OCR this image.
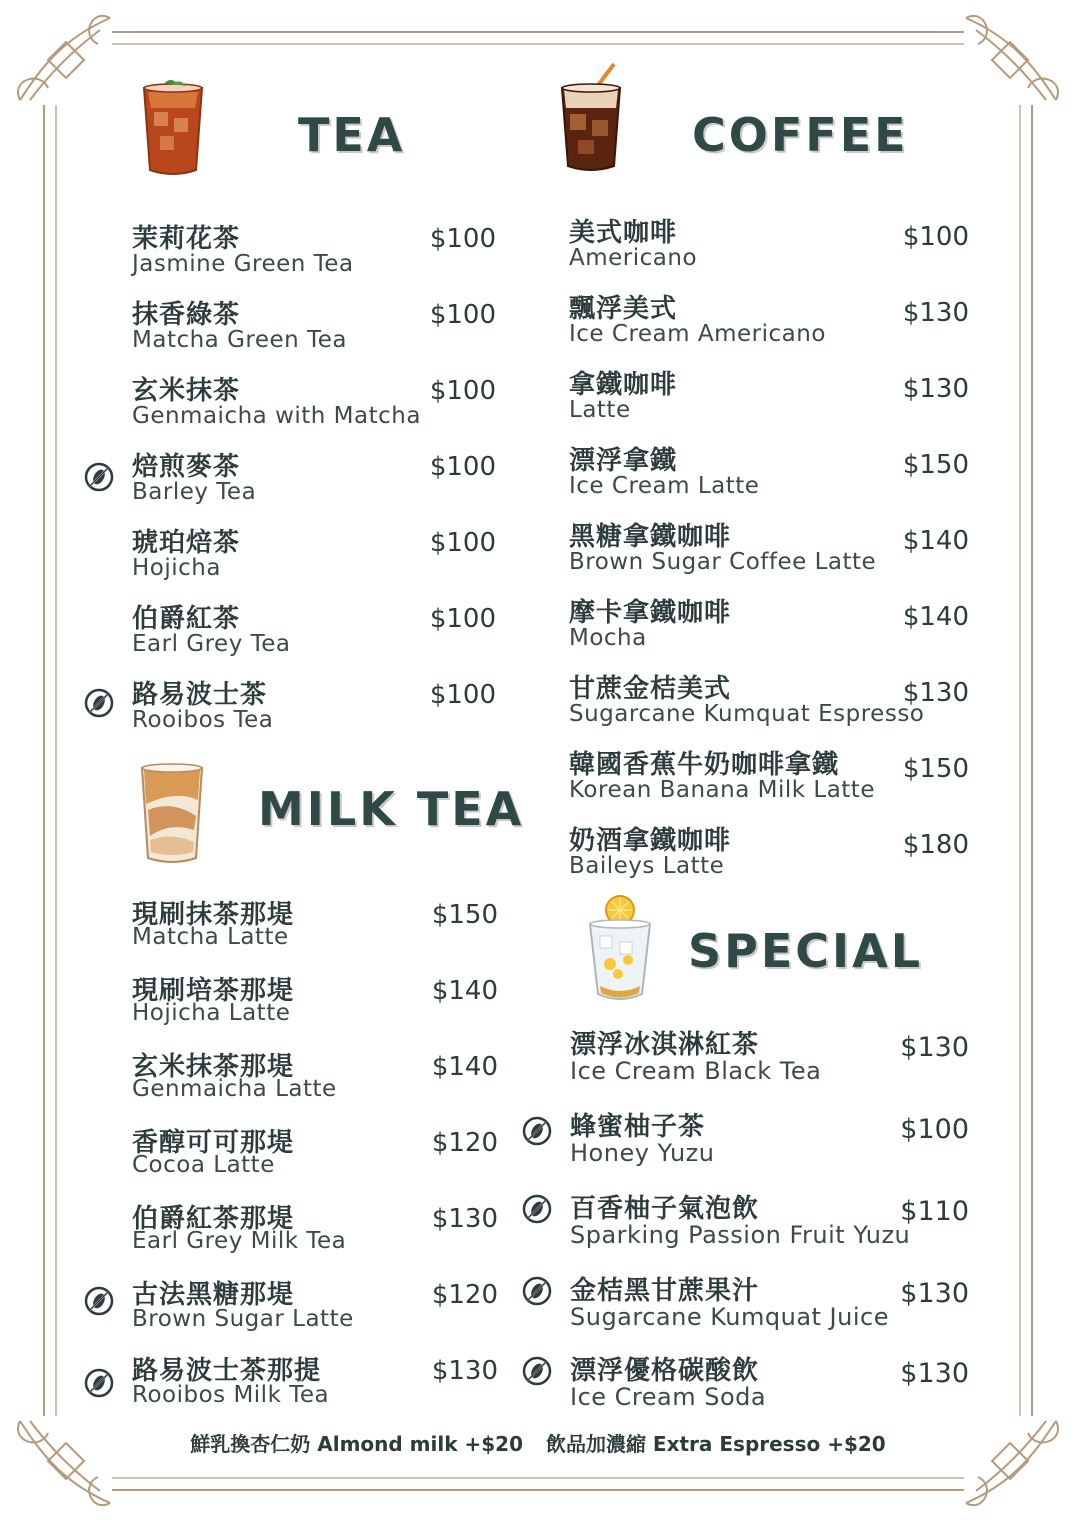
TEA	COFFEE
MILK TEA
SPECIAL
茉莉花茶
Jasmine Green Tea
$100
抹香綠茶
Matcha Green Tea
$100
玄米抹茶
Genmaicha with Matcha
$100
焙煎麥茶
Barley Tea
$100
琥珀焙茶
Hojicha
$100
伯爵紅茶
Earl Grey Tea
$100
路易波士茶
Rooibos Tea
$100
現刷抹茶那堤
Matcha Latte
$150
現刷培茶那堤
Hojicha Latte
$140
玄米抹茶那堤
Genmaicha Latte
$140
香醇可可那堤
Cocoa Latte
$120
伯爵紅茶那堤
Earl Grey Milk Tea
$130
古法黑糖那堤
Brown Sugar Latte
$120
路易波士茶那提
Rooibos Milk Tea
$130
美式咖啡
Americano
$100
飄浮美式
Ice Cream Americano
$130
拿鐵咖啡
Latte
$130
漂浮拿鐵
Ice Cream Latte
$150
黑糖拿鐵咖啡
Brown Sugar Coffee Latte
$140
摩卡拿鐵咖啡
Mocha
$140
甘蔗金桔美式
Sugarcane Kumquat Espresso
$130
韓國香蕉牛奶咖啡拿鐵
Korean Banana Milk Latte
$150
奶酒拿鐵咖啡
Baileys Latte
$180
漂浮冰淇淋紅茶
Ice Cream Black Tea
$130
蜂蜜柚子茶
Honey Yuzu
$100
百香柚子氣泡飲
Sparking Passion Fruit Yuzu
$110
金桔黑甘蔗果汁
Sugarcane Kumquat Juice
$130
漂浮優格碳酸飲
Ice Cream Soda
$130
鮮乳換杏仁奶 Almond milk +$20 飲品加濃縮 Extra Espresso +$20
